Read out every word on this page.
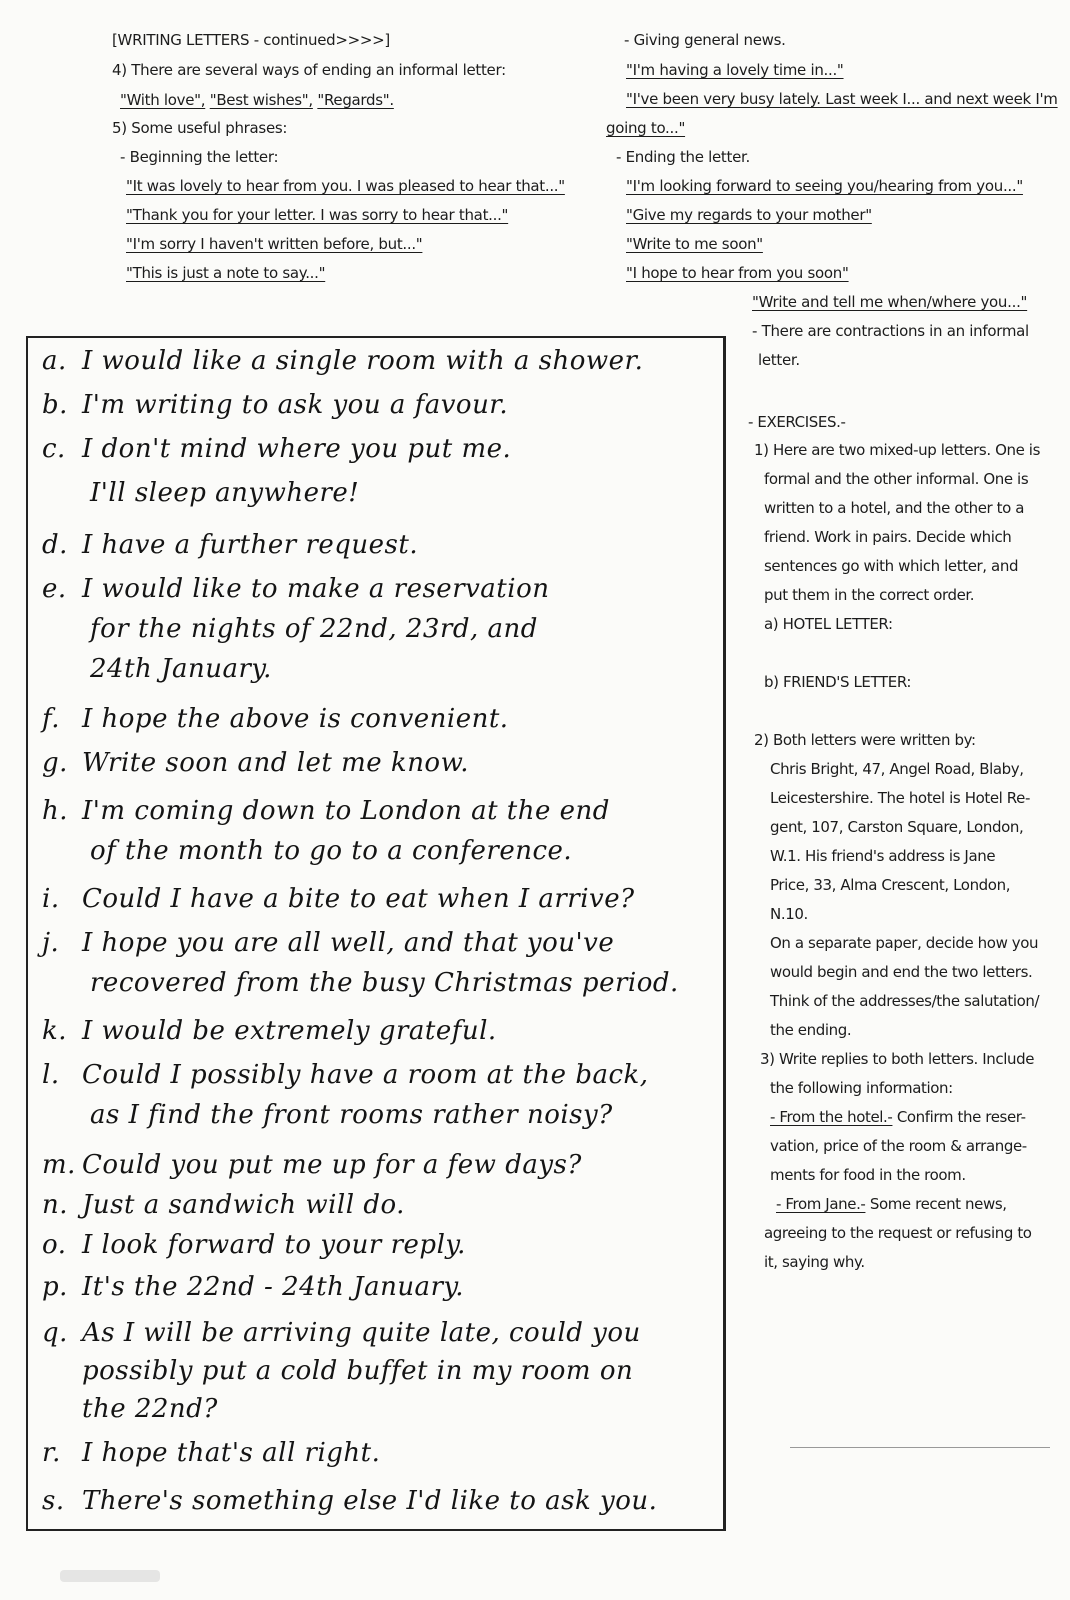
[WRITING LETTERS - continued>>>>]
4) There are several ways of ending an informal letter:
"With love", "Best wishes", "Regards".
5) Some useful phrases:
- Beginning the letter:
"It was lovely to hear from you. I was pleased to hear that..."
"Thank you for your letter. I was sorry to hear that..."
"I'm sorry I haven't written before, but..."
"This is just a note to say..."
- Giving general news.
"I'm having a lovely time in..."
"I've been very busy lately. Last week I... and next week I'm
going to..."
- Ending the letter.
"I'm looking forward to seeing you/hearing from you..."
"Give my regards to your mother"
"Write to me soon"
"I hope to hear from you soon"
"Write and tell me when/where you..."
- There are contractions in an informal
letter.
a. I would like a single room with a shower.
b. I'm writing to ask you a favour.
c. I don't mind where you put me.
I'll sleep anywhere!
d. I have a further request.
e. I would like to make a reservation
for the nights of 22nd, 23rd, and
24th January.
f. I hope the above is convenient.
g. Write soon and let me know.
h. I'm coming down to London at the end
of the month to go to a conference.
i. Could I have a bite to eat when I arrive?
j. I hope you are all well, and that you've
recovered from the busy Christmas period.
k. I would be extremely grateful.
l. Could I possibly have a room at the back,
as I find the front rooms rather noisy?
m. Could you put me up for a few days?
n. Just a sandwich will do.
o. I look forward to your reply.
p. It's the 22nd - 24th January.
q. As I will be arriving quite late, could you
possibly put a cold buffet in my room on
the 22nd?
r. I hope that's all right.
s. There's something else I'd like to ask you.
- EXERCISES.-
1) Here are two mixed-up letters. One is
formal and the other informal. One is
written to a hotel, and the other to a
friend. Work in pairs. Decide which
sentences go with which letter, and
put them in the correct order.
a) HOTEL LETTER:
b) FRIEND'S LETTER:
2) Both letters were written by:
Chris Bright, 47, Angel Road, Blaby,
Leicestershire. The hotel is Hotel Re-
gent, 107, Carston Square, London,
W.1. His friend's address is Jane
Price, 33, Alma Crescent, London,
N.10.
On a separate paper, decide how you
would begin and end the two letters.
Think of the addresses/the salutation/
the ending.
3) Write replies to both letters. Include
the following information:
- From the hotel.- Confirm the reser-
vation, price of the room & arrange-
ments for food in the room.
- From Jane.- Some recent news,
agreeing to the request or refusing to
it, saying why.
